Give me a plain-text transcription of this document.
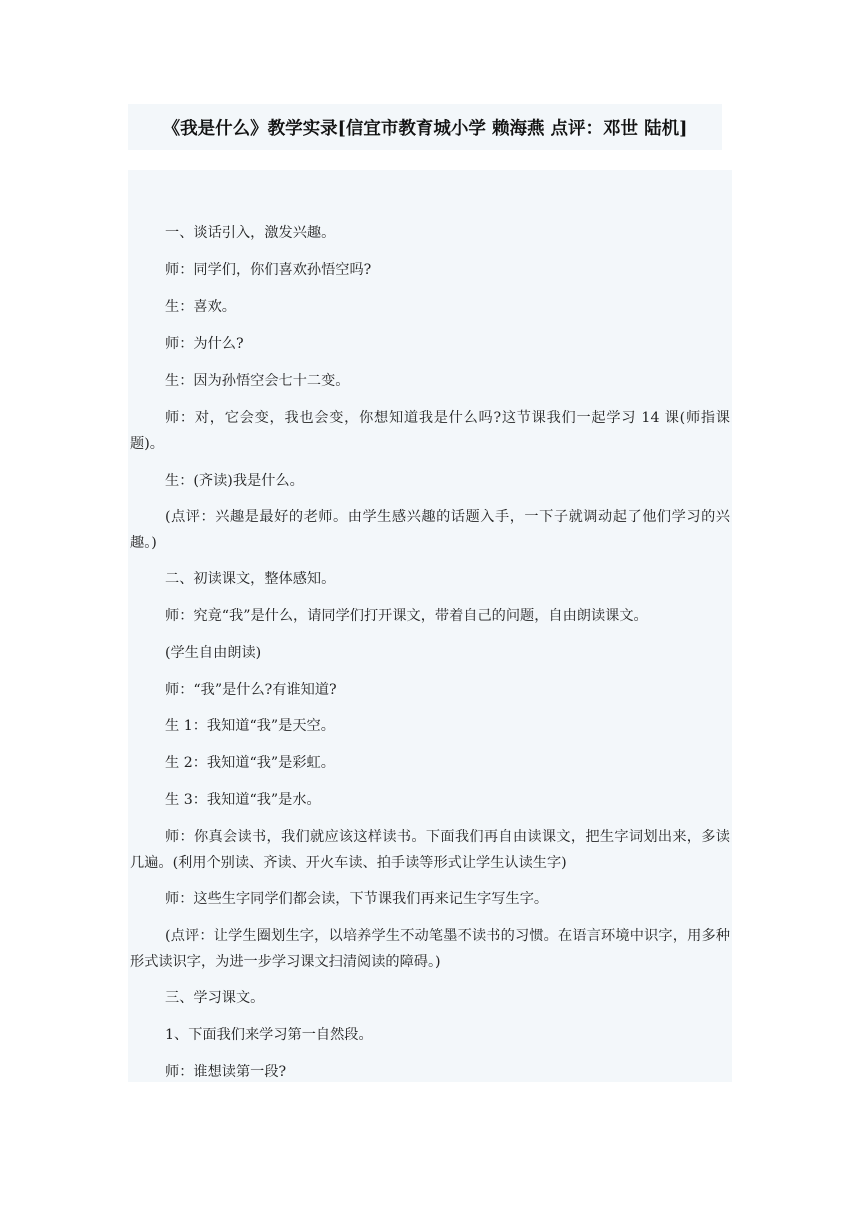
《我是什么》教学实录[信宜市教育城小学 赖海燕 点评：邓世 陆机]
一、谈话引入，激发兴趣。
师：同学们，你们喜欢孙悟空吗?
生：喜欢。
师：为什么?
生：因为孙悟空会七十二变。
师：对，它会变，我也会变，你想知道我是什么吗?这节课我们一起学习 14 课(师指课题)。
生：(齐读)我是什么。
(点评：兴趣是最好的老师。由学生感兴趣的话题入手，一下子就调动起了他们学习的兴趣。)
二、初读课文，整体感知。
师：究竟“我”是什么，请同学们打开课文，带着自己的问题，自由朗读课文。
(学生自由朗读)
师：“我”是什么?有谁知道?
生 1：我知道“我”是天空。
生 2：我知道“我”是彩虹。
生 3：我知道“我”是水。
师：你真会读书，我们就应该这样读书。下面我们再自由读课文，把生字词划出来，多读几遍。(利用个别读、齐读、开火车读、拍手读等形式让学生认读生字)
师：这些生字同学们都会读，下节课我们再来记生字写生字。
(点评：让学生圈划生字，以培养学生不动笔墨不读书的习惯。在语言环境中识字，用多种形式读识字，为进一步学习课文扫清阅读的障碍。)
三、学习课文。
1、下面我们来学习第一自然段。
师：谁想读第一段?
